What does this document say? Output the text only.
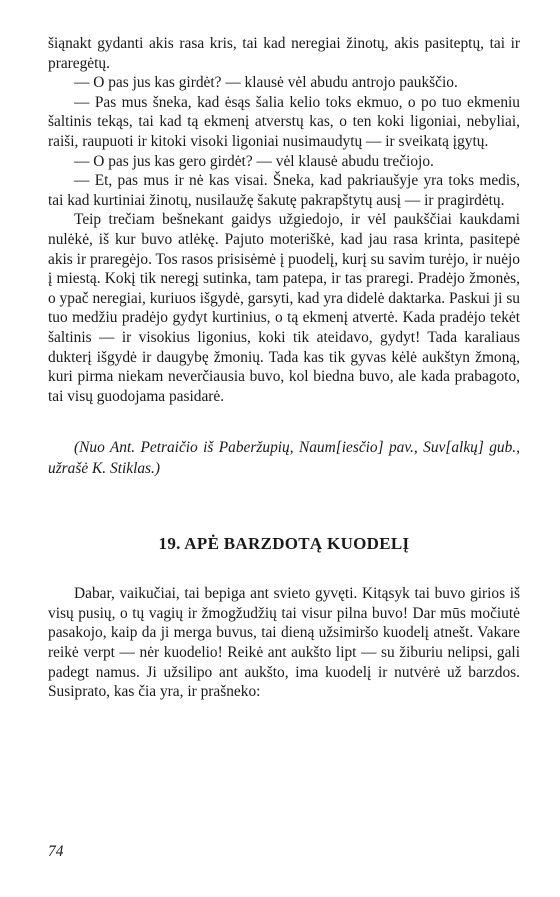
šiąnakt gydanti akis rasa kris, tai kad neregiai žinotų, akis pasiteptų, tai ir praregėtų.

— O pas jus kas girdėt? — klausė vėl abudu antrojo paukščio.

— Pas mus šneka, kad ėsąs šalia kelio toks ekmuo, o po tuo ekmeniu šaltinis tekąs, tai kad tą ekmenį atverstų kas, o ten koki ligoniai, nebyliai, raiši, raupuoti ir kitoki visoki ligoniai nusimaudytų — ir sveikatą įgytų.

— O pas jus kas gero girdėt? — vėl klausė abudu trečiojo.

— Et, pas mus ir nė kas visai. Šneka, kad pakriaušyje yra toks medis, tai kad kurtiniai žinotų, nusilaužę šakutę pakrapštytų ausį — ir pragirdėtų.

Teip trečiam bešnekant gaidys užgiedojo, ir vėl paukščiai kaukdami nulėkė, iš kur buvo atlėkę. Pajuto moteriškė, kad jau rasa krinta, pasitepė akis ir praregėjo. Tos rasos prisisėmė į puodelį, kurį su savim turėjo, ir nuėjo į miestą. Kokį tik neregį sutinka, tam patepa, ir tas praregi. Pradėjo žmonės, o ypač neregiai, kuriuos išgydė, garsyti, kad yra didelė daktarka. Paskui ji su tuo medžiu pradėjo gydyt kurtinius, o tą ekmenį atvertė. Kada pradėjo tekėt šaltinis — ir visokius ligonius, koki tik ateidavo, gydyt! Tada karaliaus dukterį išgydė ir daugybę žmonių. Tada kas tik gyvas kėlė aukštyn žmoną, kuri pirma niekam neverčiausia buvo, kol biedna buvo, ale kada prabagoto, tai visų guodojama pasidarė.

(Nuo Ant. Petraičio iš Paberžupių, Naum[iesčio] pav., Suv[alkų] gub., užrašė K. Stiklas.)

19. APĖ BARZDOTĄ KUODELĮ

Dabar, vaikučiai, tai bepiga ant svieto gyvęti. Kitąsyk tai buvo girios iš visų pusių, o tų vagių ir žmogžudžių tai visur pilna buvo! Dar mūs močiutė pasakojo, kaip da ji merga buvus, tai dieną užsimiršo kuodelį atnešt. Vakare reikė verpt — nėr kuodelio! Reikė ant aukšto lipt — su žiburiu nelipsi, gali padegt namus. Ji užsilipo ant aukšto, ima kuodelį ir nutvėrė už barzdos. Susiprato, kas čia yra, ir prašneko:

74
